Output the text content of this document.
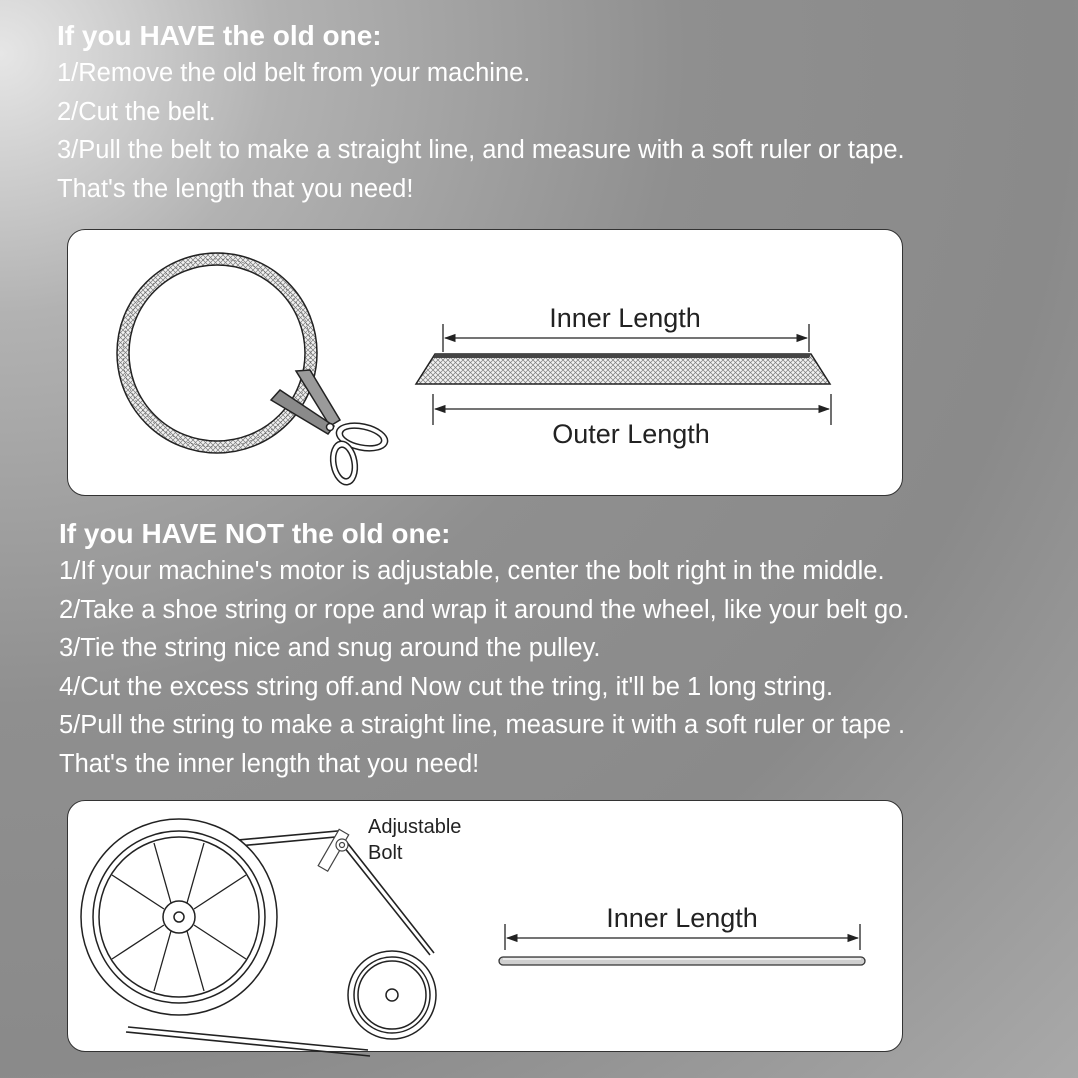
If you HAVE the old one:

1/Remove the old belt from your machine.

2/Cut the belt.

3/Pull the belt to make a straight line, and measure with a soft ruler or tape.

That's the length that you need!

Inner Length
Outer Length

If you HAVE NOT the old one:

1/If your machine's motor is adjustable, center the bolt right in the middle.

2/Take a shoe string or rope and wrap it around the wheel, like your belt go.

3/Tie the string nice and snug around the pulley.

4/Cut the excess string off.and Now cut the tring, it'll be 1 long string.

5/Pull the string to make a straight line, measure it with a soft ruler or tape .

That's the inner length that you need!

Adjustable
Bolt
Inner Length
